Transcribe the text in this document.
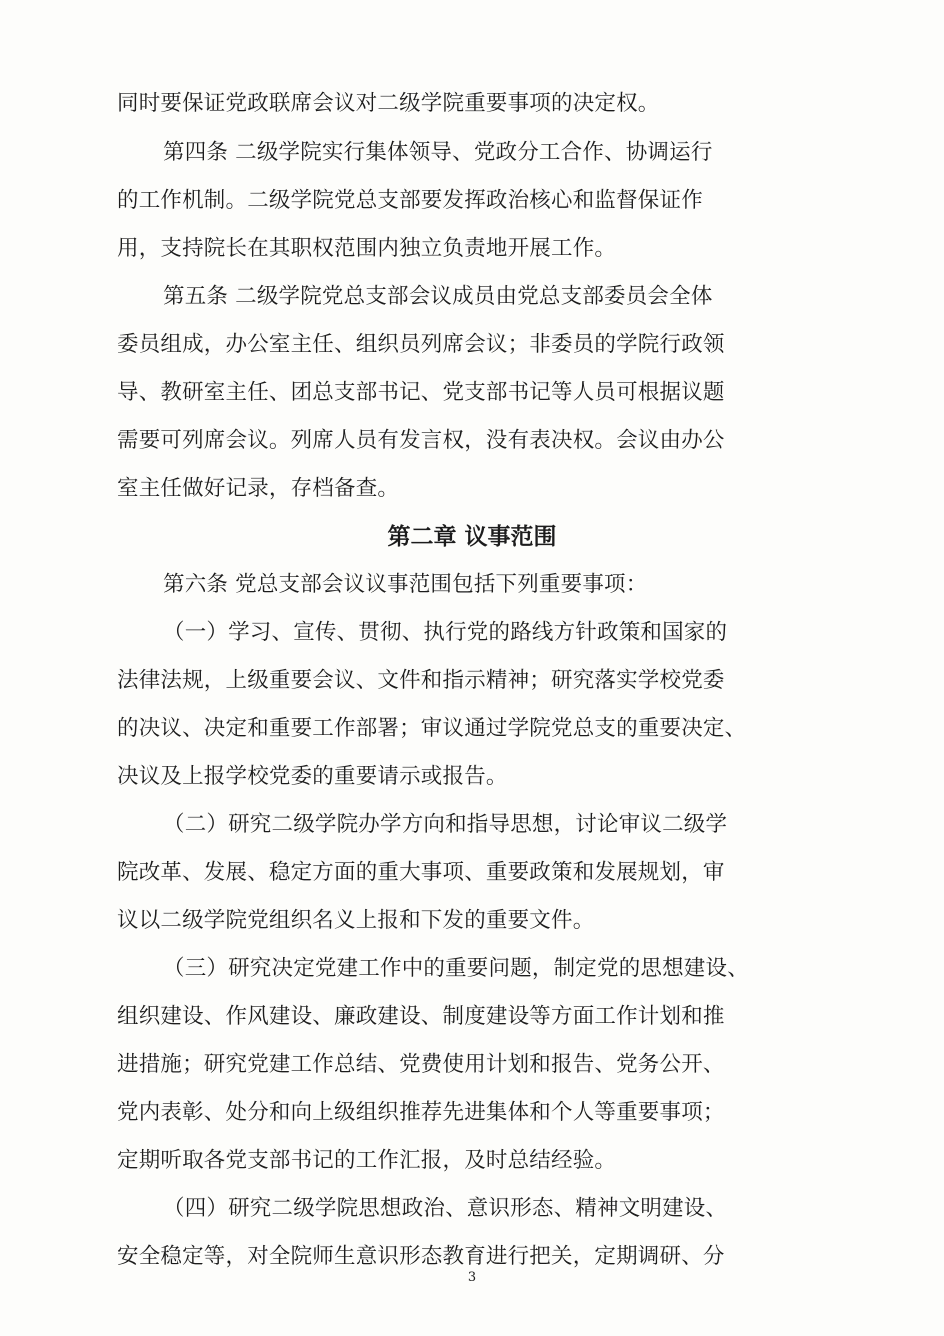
同时要保证党政联席会议对二级学院重要事项的决定权。
第四条 二级学院实行集体领导、党政分工合作、协调运行
的工作机制。二级学院党总支部要发挥政治核心和监督保证作
用，支持院长在其职权范围内独立负责地开展工作。
第五条 二级学院党总支部会议成员由党总支部委员会全体
委员组成，办公室主任、组织员列席会议；非委员的学院行政领
导、教研室主任、团总支部书记、党支部书记等人员可根据议题
需要可列席会议。列席人员有发言权，没有表决权。会议由办公
室主任做好记录，存档备查。
第二章 议事范围
第六条 党总支部会议议事范围包括下列重要事项：
（一）学习、宣传、贯彻、执行党的路线方针政策和国家的
法律法规，上级重要会议、文件和指示精神；研究落实学校党委
的决议、决定和重要工作部署；审议通过学院党总支的重要决定、
决议及上报学校党委的重要请示或报告。
（二）研究二级学院办学方向和指导思想，讨论审议二级学
院改革、发展、稳定方面的重大事项、重要政策和发展规划，审
议以二级学院党组织名义上报和下发的重要文件。
（三）研究决定党建工作中的重要问题，制定党的思想建设、
组织建设、作风建设、廉政建设、制度建设等方面工作计划和推
进措施；研究党建工作总结、党费使用计划和报告、党务公开、
党内表彰、处分和向上级组织推荐先进集体和个人等重要事项；
定期听取各党支部书记的工作汇报，及时总结经验。
（四）研究二级学院思想政治、意识形态、精神文明建设、
安全稳定等，对全院师生意识形态教育进行把关，定期调研、分
3
